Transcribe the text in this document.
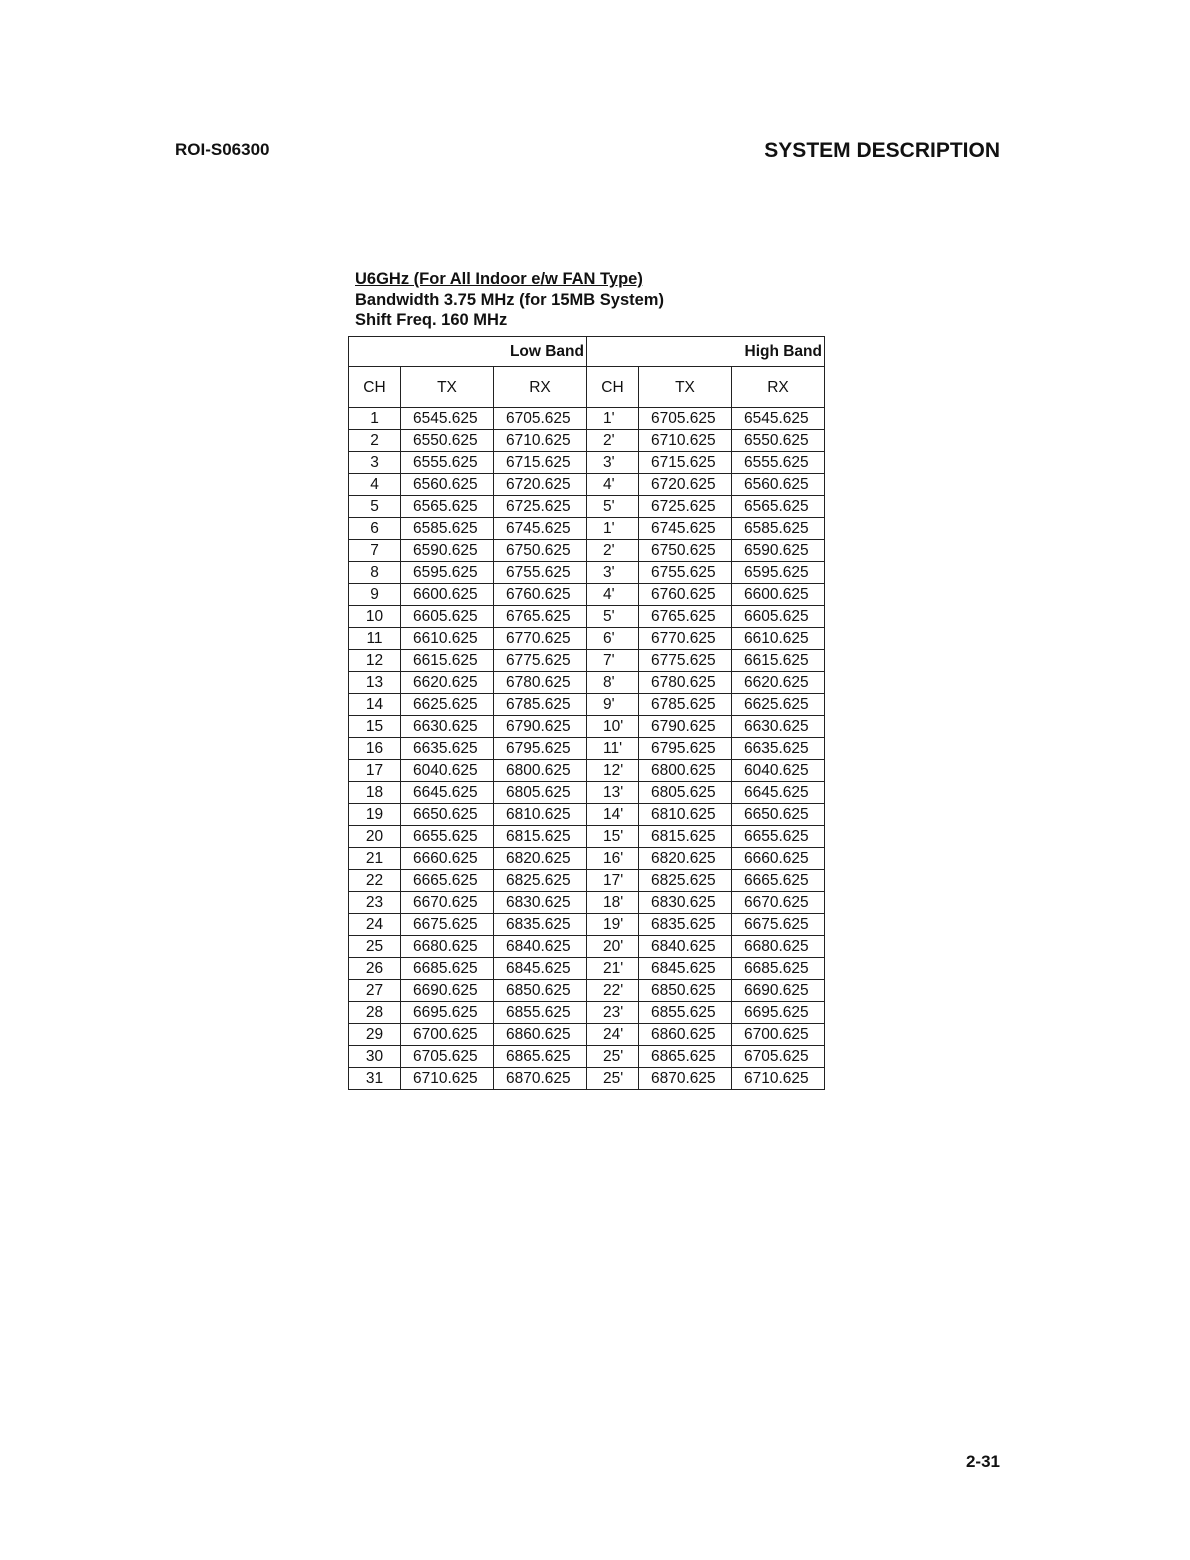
ROI-S06300	SYSTEM DESCRIPTION
U6GHz (For All Indoor e/w FAN Type)
Bandwidth 3.75 MHz (for 15MB System)
Shift Freq. 160 MHz
Low Band			High Band		
CH	TX	RX	CH	TX	RX
1	6545.625	6705.625	1'	6705.625	6545.625
2	6550.625	6710.625	2'	6710.625	6550.625
3	6555.625	6715.625	3'	6715.625	6555.625
4	6560.625	6720.625	4'	6720.625	6560.625
5	6565.625	6725.625	5'	6725.625	6565.625
6	6585.625	6745.625	1'	6745.625	6585.625
7	6590.625	6750.625	2'	6750.625	6590.625
8	6595.625	6755.625	3'	6755.625	6595.625
9	6600.625	6760.625	4'	6760.625	6600.625
10	6605.625	6765.625	5'	6765.625	6605.625
11	6610.625	6770.625	6'	6770.625	6610.625
12	6615.625	6775.625	7'	6775.625	6615.625
13	6620.625	6780.625	8'	6780.625	6620.625
14	6625.625	6785.625	9'	6785.625	6625.625
15	6630.625	6790.625	10'	6790.625	6630.625
16	6635.625	6795.625	11'	6795.625	6635.625
17	6040.625	6800.625	12'	6800.625	6040.625
18	6645.625	6805.625	13'	6805.625	6645.625
19	6650.625	6810.625	14'	6810.625	6650.625
20	6655.625	6815.625	15'	6815.625	6655.625
21	6660.625	6820.625	16'	6820.625	6660.625
22	6665.625	6825.625	17'	6825.625	6665.625
23	6670.625	6830.625	18'	6830.625	6670.625
24	6675.625	6835.625	19'	6835.625	6675.625
25	6680.625	6840.625	20'	6840.625	6680.625
26	6685.625	6845.625	21'	6845.625	6685.625
27	6690.625	6850.625	22'	6850.625	6690.625
28	6695.625	6855.625	23'	6855.625	6695.625
29	6700.625	6860.625	24'	6860.625	6700.625
30	6705.625	6865.625	25'	6865.625	6705.625
31	6710.625	6870.625	25'	6870.625	6710.625
2-31
